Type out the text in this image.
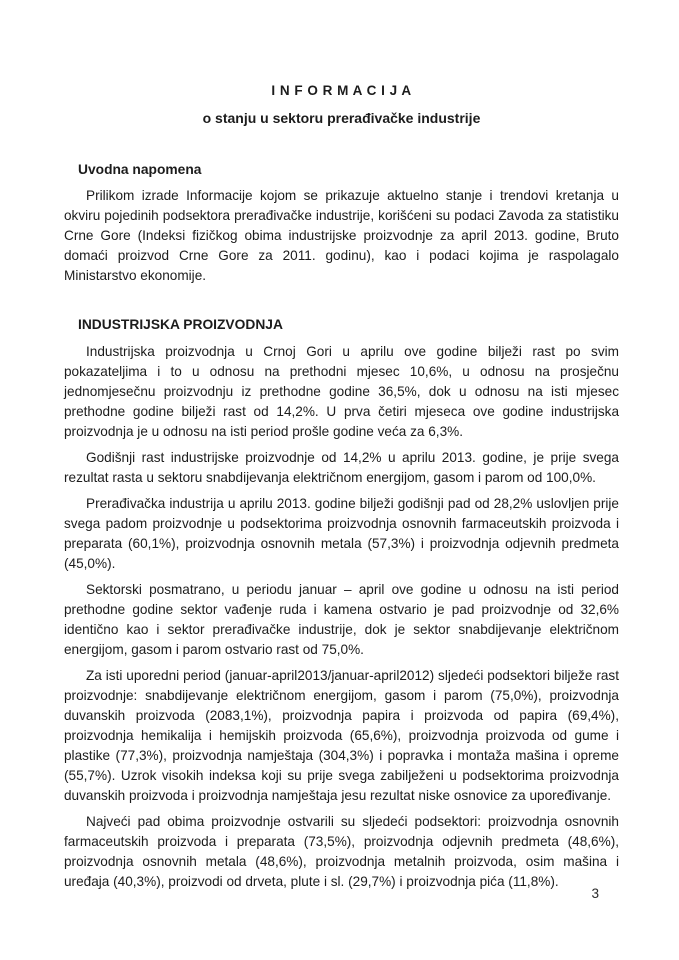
I N F O R M A C I J A
o stanju u sektoru prerađivačke industrije
Uvodna napomena

Prilikom izrade Informacije kojom se prikazuje aktuelno stanje i trendovi kretanja u okviru pojedinih podsektora prerađivačke industrije, korišćeni su podaci Zavoda za statistiku Crne Gore (Indeksi fizičkog obima industrijske proizvodnje za april 2013. godine, Bruto domaći proizvod Crne Gore za 2011. godinu), kao i podaci kojima je raspolagalo Ministarstvo ekonomije.

INDUSTRIJSKA PROIZVODNJA

Industrijska proizvodnja u Crnoj Gori u aprilu ove godine bilježi rast po svim pokazateljima i to u odnosu na prethodni mjesec 10,6%, u odnosu na prosječnu jednomjesečnu proizvodnju iz prethodne godine 36,5%, dok u odnosu na isti mjesec prethodne godine bilježi rast od 14,2%. U prva četiri mjeseca ove godine industrijska proizvodnja je u odnosu na isti period prošle godine veća za 6,3%.

Godišnji rast industrijske proizvodnje od 14,2% u aprilu 2013. godine, je prije svega rezultat rasta u sektoru snabdijevanja električnom energijom, gasom i parom od 100,0%.

Prerađivačka industrija u aprilu 2013. godine bilježi godišnji pad od 28,2% uslovljen prije svega padom proizvodnje u podsektorima proizvodnja osnovnih farmaceutskih proizvoda i preparata (60,1%), proizvodnja osnovnih metala (57,3%) i proizvodnja odjevnih predmeta (45,0%).

Sektorski posmatrano, u periodu januar – april ove godine u odnosu na isti period prethodne godine sektor vađenje ruda i kamena ostvario je pad proizvodnje od 32,6% identično kao i sektor prerađivačke industrije, dok je sektor snabdijevanje električnom energijom, gasom i parom ostvario rast od 75,0%.

Za isti uporedni period (januar-april2013/januar-april2012) sljedeći podsektori bilježe rast proizvodnje: snabdijevanje električnom energijom, gasom i parom (75,0%), proizvodnja duvanskih proizvoda (2083,1%), proizvodnja papira i proizvoda od papira (69,4%), proizvodnja hemikalija i hemijskih proizvoda (65,6%), proizvodnja proizvoda od gume i plastike (77,3%), proizvodnja namještaja (304,3%) i popravka i montaža mašina i opreme (55,7%). Uzrok visokih indeksa koji su prije svega zabilježeni u podsektorima proizvodnja duvanskih proizvoda i proizvodnja namještaja jesu rezultat niske osnovice za upoređivanje.

Najveći pad obima proizvodnje ostvarili su sljedeći podsektori: proizvodnja osnovnih farmaceutskih proizvoda i preparata (73,5%), proizvodnja odjevnih predmeta (48,6%), proizvodnja osnovnih metala (48,6%), proizvodnja metalnih proizvoda, osim mašina i uređaja (40,3%), proizvodi od drveta, plute i sl. (29,7%) i proizvodnja pića (11,8%).

3
